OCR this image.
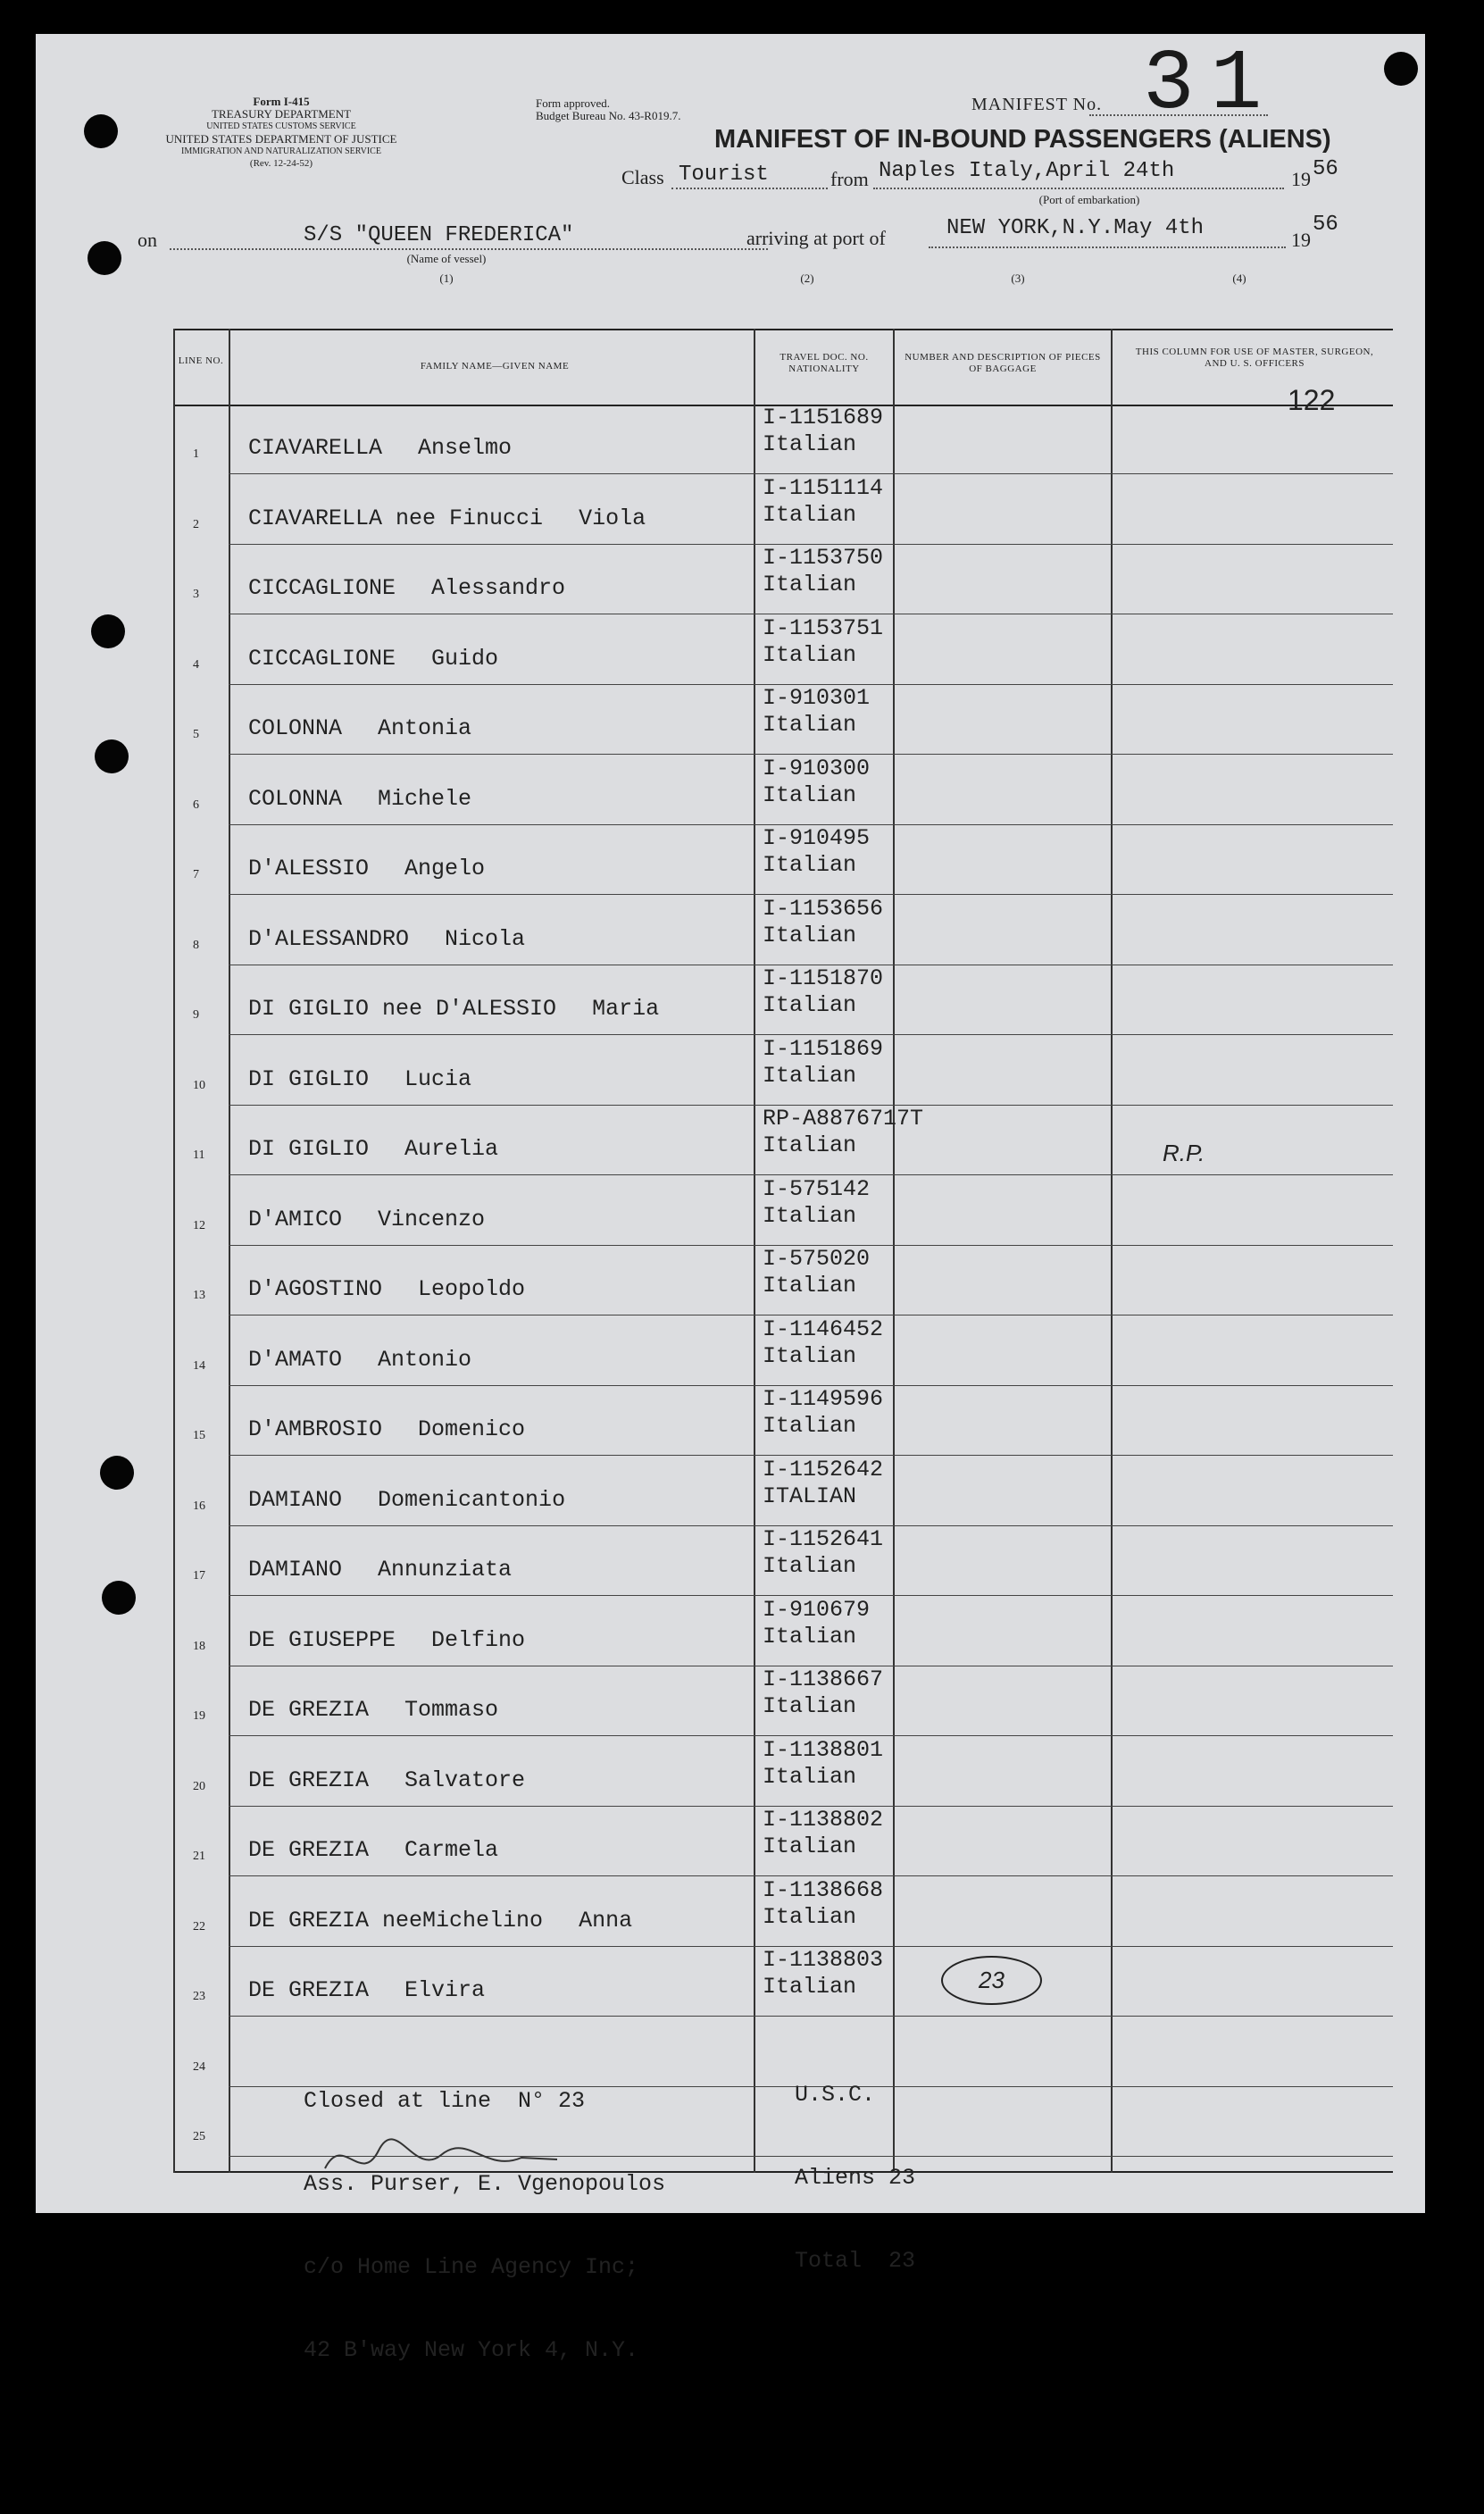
Form I-415
TREASURY DEPARTMENT
UNITED STATES CUSTOMS SERVICE
UNITED STATES DEPARTMENT OF JUSTICE
IMMIGRATION AND NATURALIZATION SERVICE
(Rev. 12-24-52)
Form approved.
Budget Bureau No. 43-R019.7.
MANIFEST No. 31
MANIFEST OF IN-BOUND PASSENGERS (ALIENS)
Class Tourist	from Naples Italy,April 24th
(Port of embarkation)
19 56
on	S/S "QUEEN FREDERICA"
(Name of vessel)
arriving at port of	NEW YORK,N.Y.May 4th	19
56
(1)	(2)	(3)	(4)
122
LINE NO.	FAMILY NAME—GIVEN NAME
TRAVEL DOC. NO. NATIONALITY
NUMBER AND DESCRIPTION OF PIECES OF BAGGAGE
THIS COLUMN FOR USE OF MASTER, SURGEON, AND U. S. OFFICERS
1 CIAVARELLA Anselmo
I-1151689
Italian
2 CIAVARELLA nee Finucci Viola
I-1151114
Italian
3 CICCAGLIONE Alessandro
I-1153750
Italian
4 CICCAGLIONE Guido
I-1153751
Italian
5 COLONNA Antonia
I-910301
Italian
6 COLONNA Michele
I-910300
Italian
7 D'ALESSIO Angelo
I-910495
Italian
8 D'ALESSANDRO Nicola
I-1153656
Italian
9 DI GIGLIO nee D'ALESSIO Maria
I-1151870
Italian
10 DI GIGLIO Lucia
I-1151869
Italian
11 DI GIGLIO Aurelia
RP-A8876717T
Italian	R.P.
12 D'AMICO Vincenzo
I-575142
Italian
13 D'AGOSTINO Leopoldo
I-575020
Italian
14 D'AMATO Antonio
I-1146452
Italian
15 D'AMBROSIO Domenico
I-1149596
Italian
16 DAMIANO Domenicantonio
I-1152642
ITALIAN
17 DAMIANO Annunziata
I-1152641
Italian
18 DE GIUSEPPE Delfino
I-910679
Italian
19 DE GREZIA Tommaso
I-1138667
Italian
20 DE GREZIA Salvatore
I-1138801
Italian
21 DE GREZIA Carmela
I-1138802
Italian
22 DE GREZIA neeMichelino Anna
I-1138668
Italian
23 DE GREZIA Elvira
I-1138803
Italian	23
24
25

Closed at line  N° 23

Ass. Purser, E. Vgenopoulos

c/o Home Line Agency Inc;

42 B'way New York 4, N.Y.

U.S.C.

Aliens 23

Total  23
